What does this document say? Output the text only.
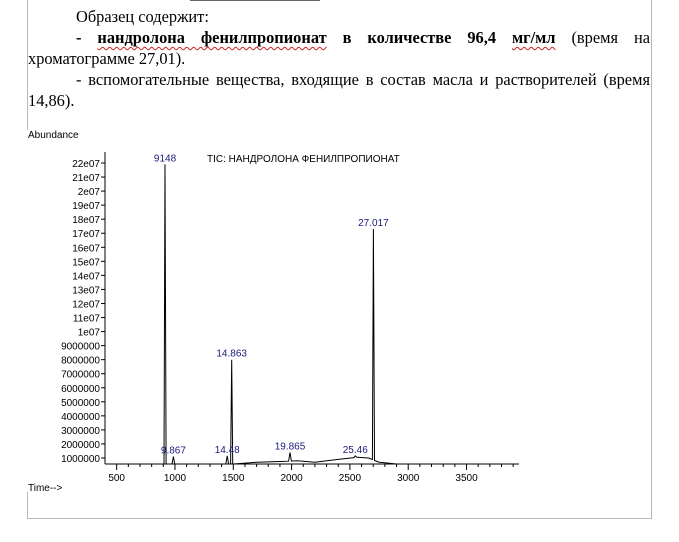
Образец содержит:

- нандролона фенилпропионат в количестве 96,4 мг/мл (время на хроматограмме 27,01).

- вспомогательные вещества, входящие в состав масла и растворителей (время 14,86).

Abundance
TIC: НАНДРОЛОНА ФЕНИЛПРОПИОНАТ
Time-->
22e07
21e07
2e07
19e07
18e07
17e07
16e07
15e07
14e07
13e07
12e07
11e07
1e07
9000000
8000000
7000000
6000000
5000000
4000000
3000000
2000000
1000000
500	1000	1500	2000	2500	3000	3500
9148
9.867	14.48
14.863
19.865	25.46
27.017
